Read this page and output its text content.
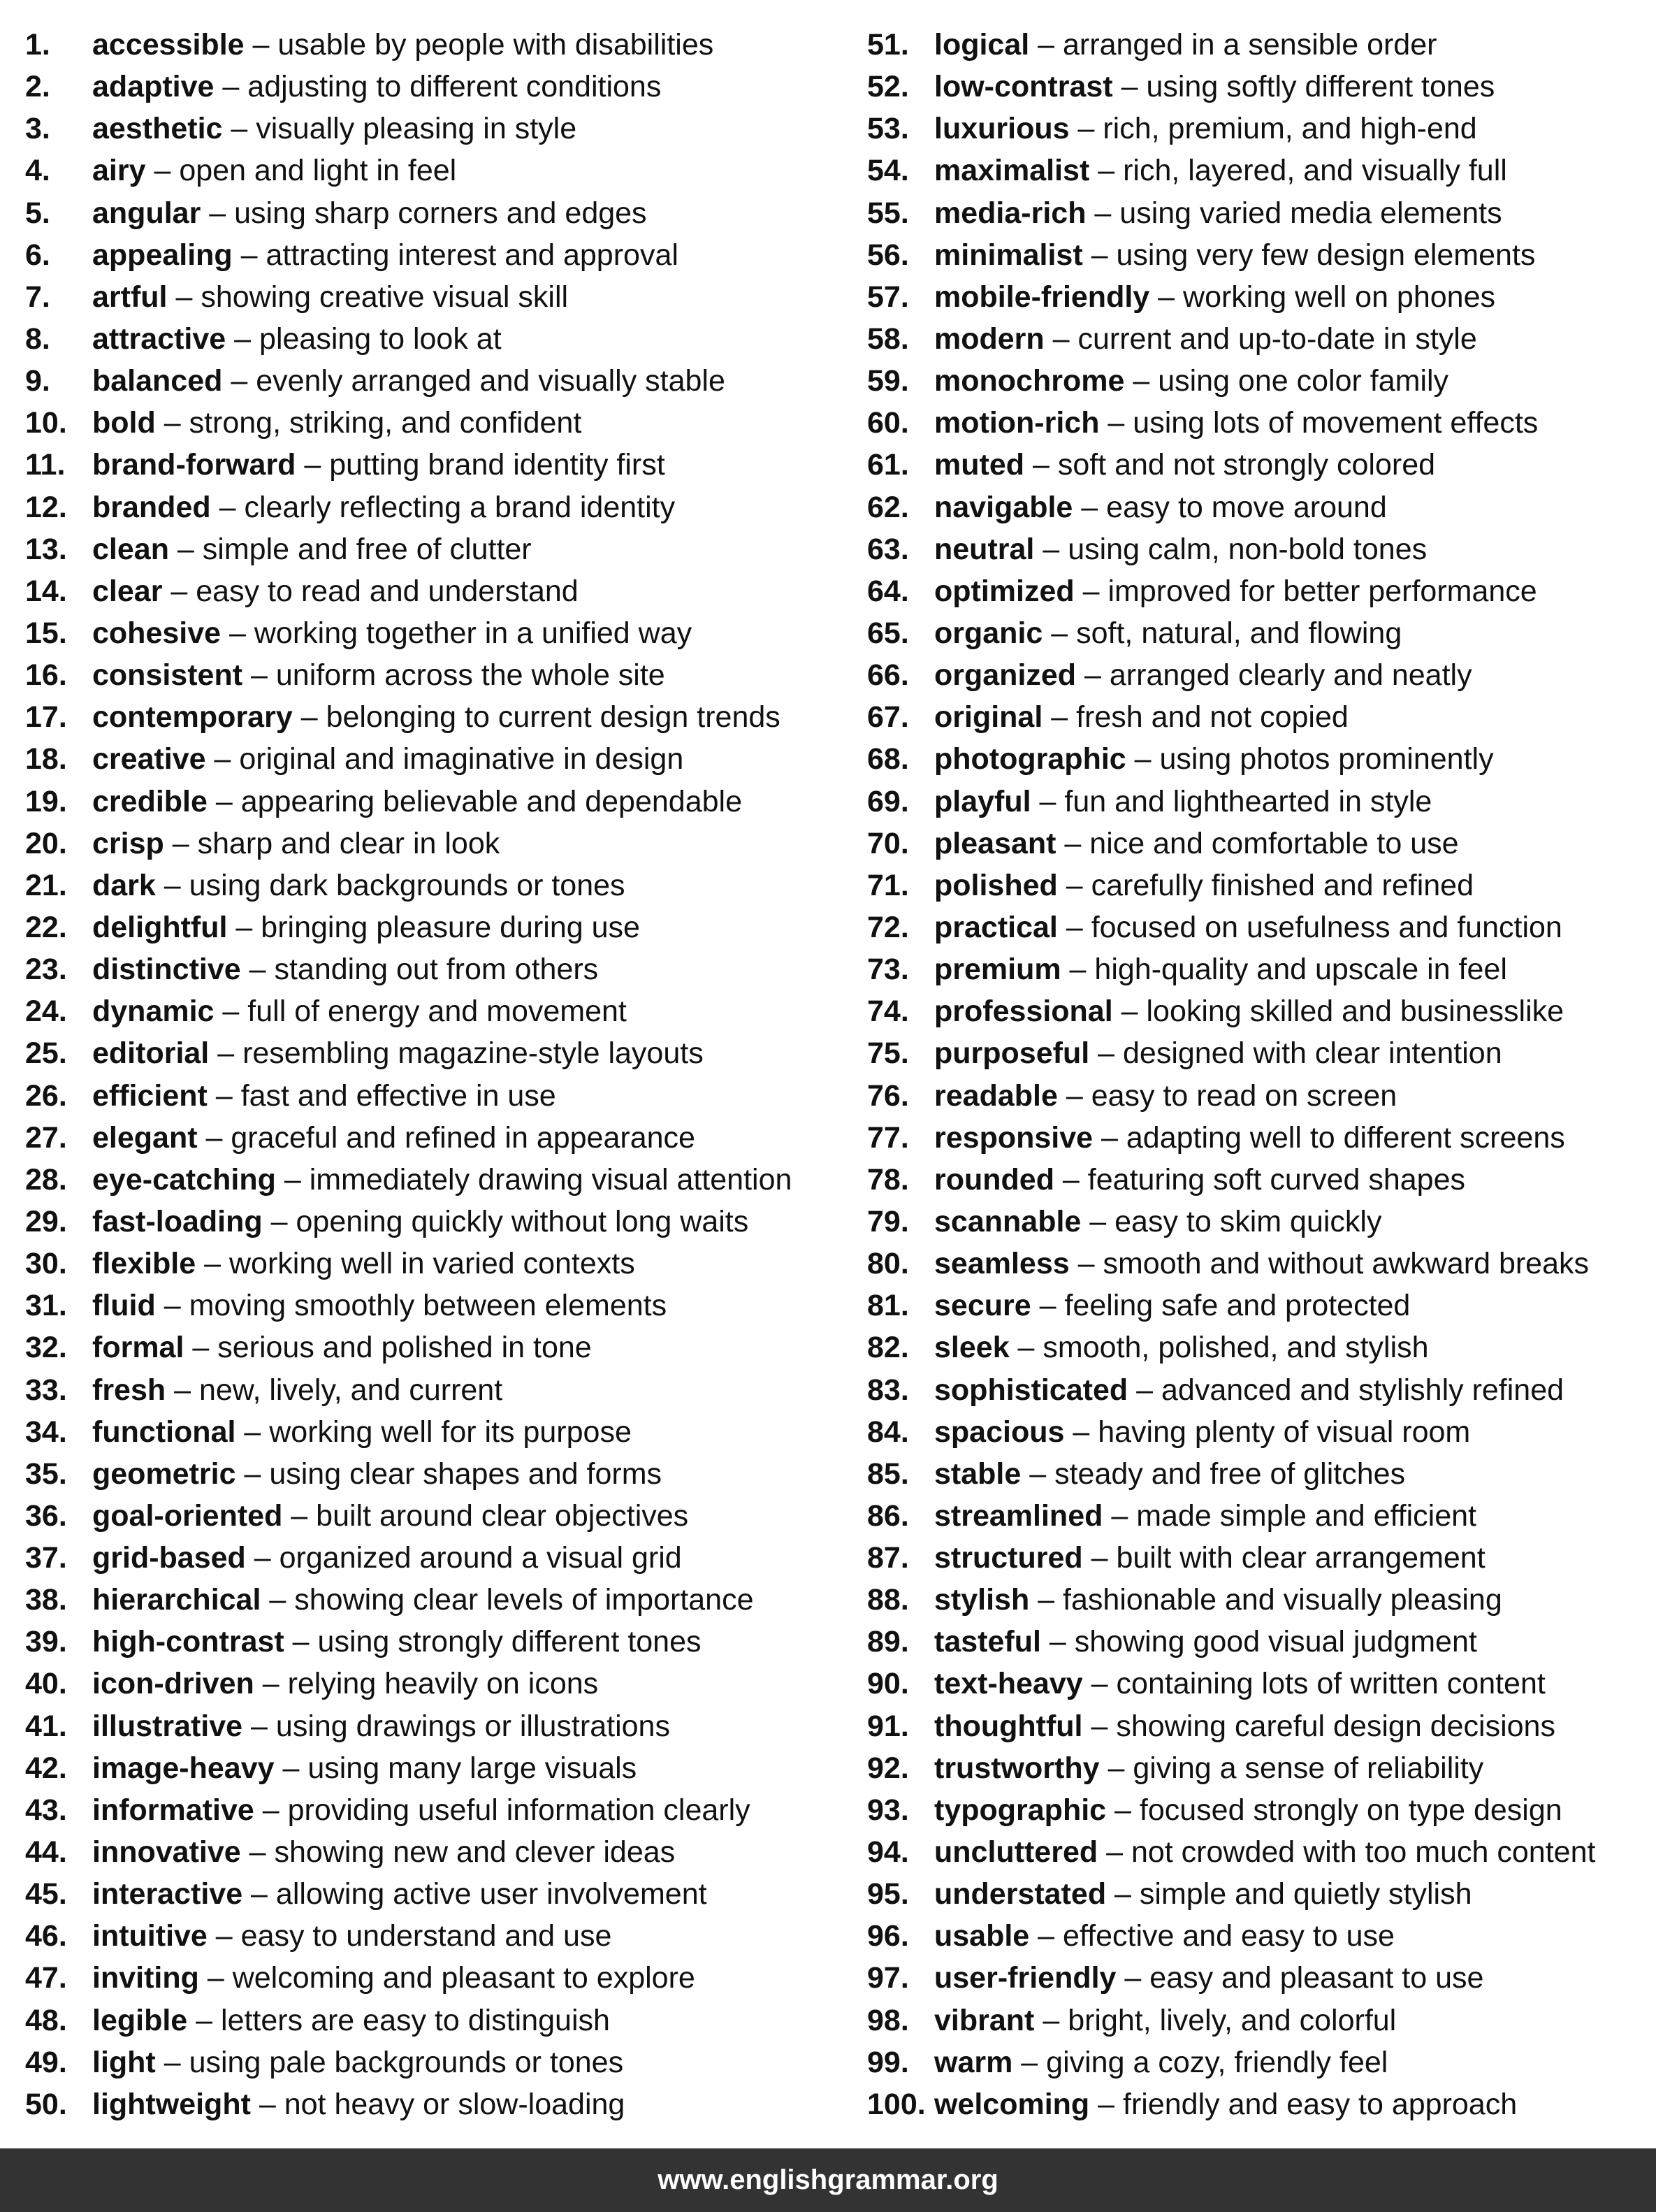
1. accessible – usable by people with disabilities
2. adaptive – adjusting to different conditions
3. aesthetic – visually pleasing in style
4. airy – open and light in feel
5. angular – using sharp corners and edges
6. appealing – attracting interest and approval
7. artful – showing creative visual skill
8. attractive – pleasing to look at
9. balanced – evenly arranged and visually stable
10. bold – strong, striking, and confident
11. brand-forward – putting brand identity first
12. branded – clearly reflecting a brand identity
13. clean – simple and free of clutter
14. clear – easy to read and understand
15. cohesive – working together in a unified way
16. consistent – uniform across the whole site
17. contemporary – belonging to current design trends
18. creative – original and imaginative in design
19. credible – appearing believable and dependable
20. crisp – sharp and clear in look
21. dark – using dark backgrounds or tones
22. delightful – bringing pleasure during use
23. distinctive – standing out from others
24. dynamic – full of energy and movement
25. editorial – resembling magazine-style layouts
26. efficient – fast and effective in use
27. elegant – graceful and refined in appearance
28. eye-catching – immediately drawing visual attention
29. fast-loading – opening quickly without long waits
30. flexible – working well in varied contexts
31. fluid – moving smoothly between elements
32. formal – serious and polished in tone
33. fresh – new, lively, and current
34. functional – working well for its purpose
35. geometric – using clear shapes and forms
36. goal-oriented – built around clear objectives
37. grid-based – organized around a visual grid
38. hierarchical – showing clear levels of importance
39. high-contrast – using strongly different tones
40. icon-driven – relying heavily on icons
41. illustrative – using drawings or illustrations
42. image-heavy – using many large visuals
43. informative – providing useful information clearly
44. innovative – showing new and clever ideas
45. interactive – allowing active user involvement
46. intuitive – easy to understand and use
47. inviting – welcoming and pleasant to explore
48. legible – letters are easy to distinguish
49. light – using pale backgrounds or tones
50. lightweight – not heavy or slow-loading
51. logical – arranged in a sensible order
52. low-contrast – using softly different tones
53. luxurious – rich, premium, and high-end
54. maximalist – rich, layered, and visually full
55. media-rich – using varied media elements
56. minimalist – using very few design elements
57. mobile-friendly – working well on phones
58. modern – current and up-to-date in style
59. monochrome – using one color family
60. motion-rich – using lots of movement effects
61. muted – soft and not strongly colored
62. navigable – easy to move around
63. neutral – using calm, non-bold tones
64. optimized – improved for better performance
65. organic – soft, natural, and flowing
66. organized – arranged clearly and neatly
67. original – fresh and not copied
68. photographic – using photos prominently
69. playful – fun and lighthearted in style
70. pleasant – nice and comfortable to use
71. polished – carefully finished and refined
72. practical – focused on usefulness and function
73. premium – high-quality and upscale in feel
74. professional – looking skilled and businesslike
75. purposeful – designed with clear intention
76. readable – easy to read on screen
77. responsive – adapting well to different screens
78. rounded – featuring soft curved shapes
79. scannable – easy to skim quickly
80. seamless – smooth and without awkward breaks
81. secure – feeling safe and protected
82. sleek – smooth, polished, and stylish
83. sophisticated – advanced and stylishly refined
84. spacious – having plenty of visual room
85. stable – steady and free of glitches
86. streamlined – made simple and efficient
87. structured – built with clear arrangement
88. stylish – fashionable and visually pleasing
89. tasteful – showing good visual judgment
90. text-heavy – containing lots of written content
91. thoughtful – showing careful design decisions
92. trustworthy – giving a sense of reliability
93. typographic – focused strongly on type design
94. uncluttered – not crowded with too much content
95. understated – simple and quietly stylish
96. usable – effective and easy to use
97. user-friendly – easy and pleasant to use
98. vibrant – bright, lively, and colorful
99. warm – giving a cozy, friendly feel
100. welcoming – friendly and easy to approach
www.englishgrammar.org
